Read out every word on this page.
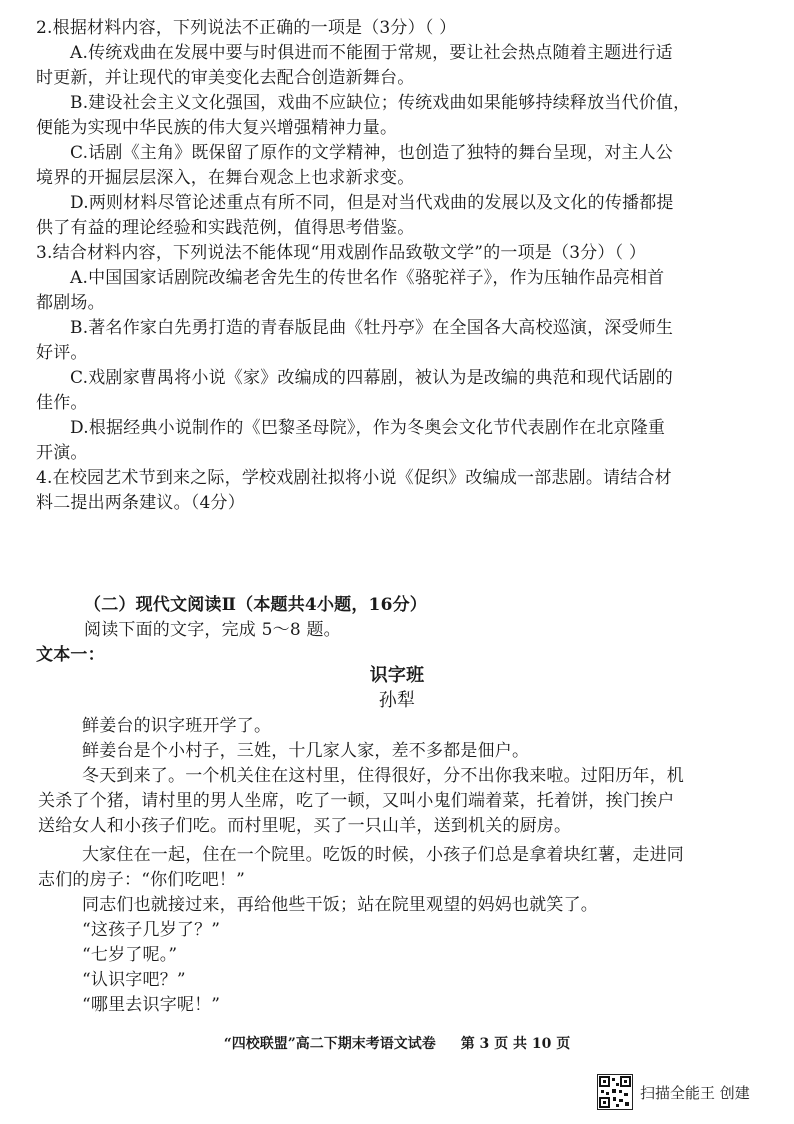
2.根据材料内容，下列说法不正确的一项是（3分）（ ）
A.传统戏曲在发展中要与时俱进而不能囿于常规，要让社会热点随着主题进行适
时更新，并让现代的审美变化去配合创造新舞台。
B.建设社会主义文化强国，戏曲不应缺位；传统戏曲如果能够持续释放当代价值，
便能为实现中华民族的伟大复兴增强精神力量。
C.话剧《主角》既保留了原作的文学精神，也创造了独特的舞台呈现，对主人公
境界的开掘层层深入，在舞台观念上也求新求变。
D.两则材料尽管论述重点有所不同，但是对当代戏曲的发展以及文化的传播都提
供了有益的理论经验和实践范例，值得思考借鉴。
3.结合材料内容，下列说法不能体现“用戏剧作品致敬文学”的一项是（3分）（ ）
A.中国国家话剧院改编老舍先生的传世名作《骆驼祥子》，作为压轴作品亮相首
都剧场。
B.著名作家白先勇打造的青春版昆曲《牡丹亭》在全国各大高校巡演，深受师生
好评。
C.戏剧家曹禺将小说《家》改编成的四幕剧，被认为是改编的典范和现代话剧的
佳作。
D.根据经典小说制作的《巴黎圣母院》，作为冬奥会文化节代表剧作在北京隆重
开演。
4.在校园艺术节到来之际，学校戏剧社拟将小说《促织》改编成一部悲剧。请结合材
料二提出两条建议。（4分）
（二）现代文阅读Ⅱ（本题共4小题，16分）
阅读下面的文字，完成 5～8 题。
文本一：
识字班
孙犁
鲜姜台的识字班开学了。
鲜姜台是个小村子，三姓，十几家人家，差不多都是佃户。
冬天到来了。一个机关住在这村里，住得很好，分不出你我来啦。过阳历年，机
关杀了个猪，请村里的男人坐席，吃了一顿，又叫小鬼们端着菜，托着饼，挨门挨户
送给女人和小孩子们吃。而村里呢，买了一只山羊，送到机关的厨房。
大家住在一起，住在一个院里。吃饭的时候，小孩子们总是拿着块红薯，走进同
志们的房子：“你们吃吧！”
同志们也就接过来，再给他些干饭；站在院里观望的妈妈也就笑了。
“这孩子几岁了？”
“七岁了呢。”
“认识字吧？”
“哪里去识字呢！”
“四校联盟”高二下期末考语文试卷 第 3 页 共 10 页
扫描全能王 创建
